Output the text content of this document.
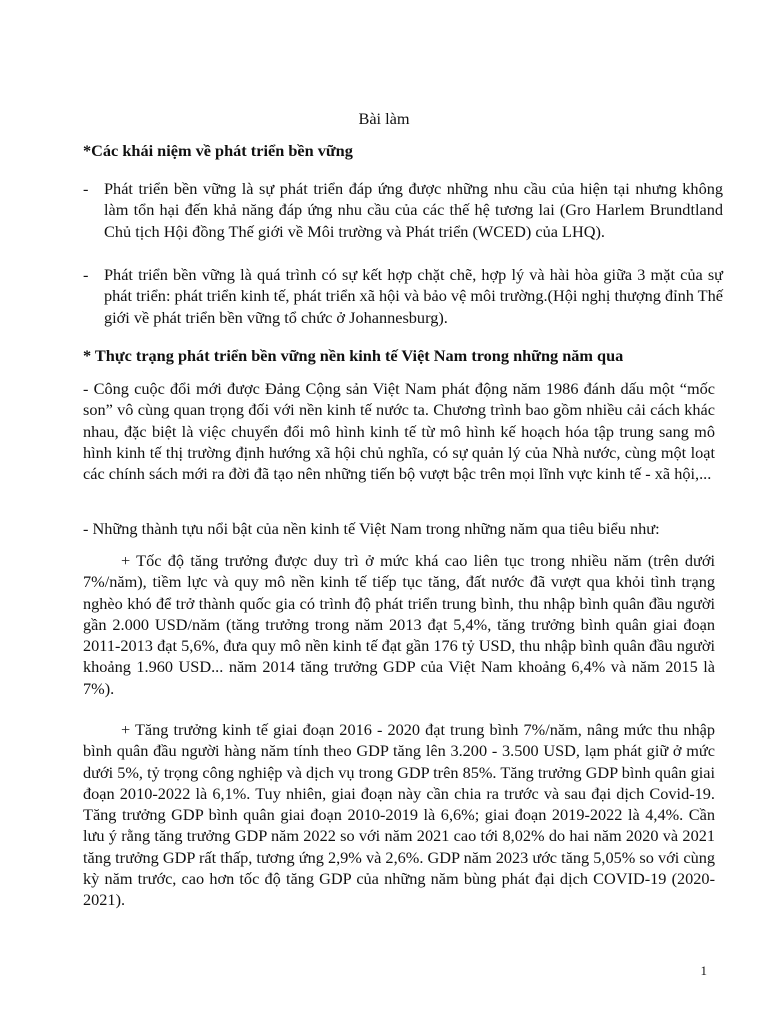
Bài làm
*Các khái niệm về phát triển bền vững
- Phát triển bền vững là sự phát triển đáp ứng được những nhu cầu của hiện tại nhưng không làm tổn hại đến khả năng đáp ứng nhu cầu của các thế hệ tương lai (Gro Harlem Brundtland Chủ tịch Hội đồng Thế giới về Môi trường và Phát triển (WCED) của LHQ).
- Phát triển bền vững là quá trình có sự kết hợp chặt chẽ, hợp lý và hài hòa giữa 3 mặt của sự phát triển: phát triển kinh tế, phát triển xã hội và bảo vệ môi trường.(Hội nghị thượng đỉnh Thế giới về phát triển bền vững tổ chức ở Johannesburg).
* Thực trạng phát triển bền vững nền kinh tế Việt Nam trong những năm qua

- Công cuộc đổi mới được Đảng Cộng sản Việt Nam phát động năm 1986 đánh dấu một “mốc son” vô cùng quan trọng đối với nền kinh tế nước ta. Chương trình bao gồm nhiều cải cách khác nhau, đặc biệt là việc chuyển đổi mô hình kinh tế từ mô hình kế hoạch hóa tập trung sang mô hình kinh tế thị trường định hướng xã hội chủ nghĩa, có sự quản lý của Nhà nước, cùng một loạt các chính sách mới ra đời đã tạo nên những tiến bộ vượt bậc trên mọi lĩnh vực kinh tế - xã hội,...

- Những thành tựu nổi bật của nền kinh tế Việt Nam trong những năm qua tiêu biểu như:

+ Tốc độ tăng trưởng được duy trì ở mức khá cao liên tục trong nhiều năm (trên dưới 7%/năm), tiềm lực và quy mô nền kinh tế tiếp tục tăng, đất nước đã vượt qua khỏi tình trạng nghèo khó để trở thành quốc gia có trình độ phát triển trung bình, thu nhập bình quân đầu người gần 2.000 USD/năm (tăng trưởng trong năm 2013 đạt 5,4%, tăng trưởng bình quân giai đoạn 2011-2013 đạt 5,6%, đưa quy mô nền kinh tế đạt gần 176 tỷ USD, thu nhập bình quân đầu người khoảng 1.960 USD... năm 2014 tăng trưởng GDP của Việt Nam khoảng 6,4% và năm 2015 là 7%).

+ Tăng trưởng kinh tế giai đoạn 2016 - 2020 đạt trung bình 7%/năm, nâng mức thu nhập bình quân đầu người hàng năm tính theo GDP tăng lên 3.200 - 3.500 USD, lạm phát giữ ở mức dưới 5%, tỷ trọng công nghiệp và dịch vụ trong GDP trên 85%. Tăng trưởng GDP bình quân giai đoạn 2010-2022 là 6,1%. Tuy nhiên, giai đoạn này cần chia ra trước và sau đại dịch Covid-19. Tăng trưởng GDP bình quân giai đoạn 2010-2019 là 6,6%; giai đoạn 2019-2022 là 4,4%. Cần lưu ý rằng tăng trưởng GDP năm 2022 so với năm 2021 cao tới 8,02% do hai năm 2020 và 2021 tăng trưởng GDP rất thấp, tương ứng 2,9% và 2,6%. GDP năm 2023 ước tăng 5,05% so với cùng kỳ năm trước, cao hơn tốc độ tăng GDP của những năm bùng phát đại dịch COVID-19 (2020-2021).

1
